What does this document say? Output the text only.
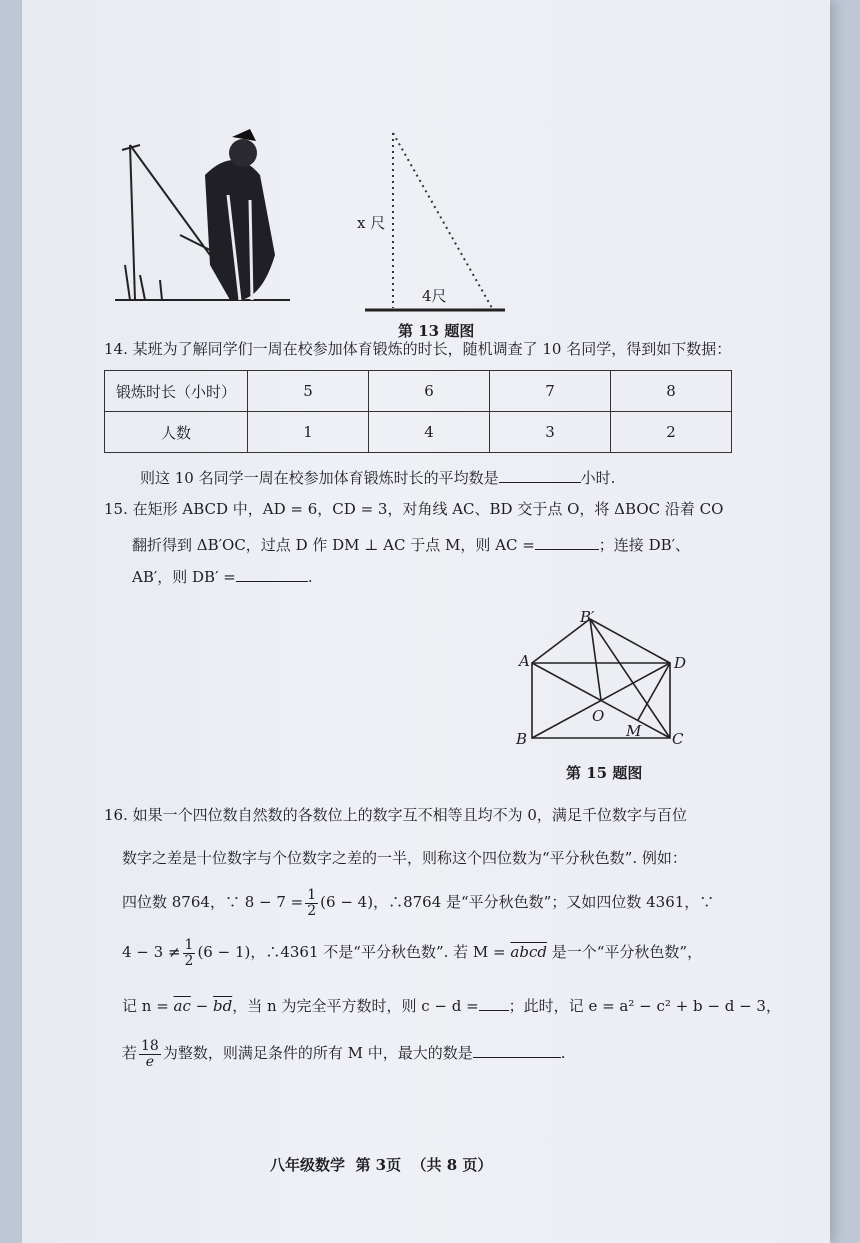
x 尺
4尺
第 13 题图
14. 某班为了解同学们一周在校参加体育锻炼的时长，随机调查了 10 名同学，得到如下数据：
锻炼时长（小时）	5	6	7	8
人数	1	4	3	2
则这 10 名同学一周在校参加体育锻炼时长的平均数是	小时.
15. 在矩形 ABCD 中，AD = 6，CD = 3，对角线 AC、BD 交于点 O，将 ΔBOC 沿着 CO
翻折得到 ΔB′OC，过点 D 作 DM ⊥ AC 于点 M，则 AC =	；连接 DB′、
AB′，则 DB′ =	.
B′
A	D
O
M
B	C
第 15 题图
16. 如果一个四位数自然数的各数位上的数字互不相等且均不为 0，满足千位数字与百位
数字之差是十位数字与个位数字之差的一半，则称这个四位数为“平分秋色数”. 例如：
四位数 8764，∵ $8 - 7 = \frac{1}{2} (6 - 4)$，∴8764 是“平分秋色数”；又如四位数 4361，∵
$4 - 3 \ne \frac{1}{2} (6 - 1)$，∴4361 不是“平分秋色数”. 若 M = abcd 是一个“平分秋色数”，
记 $n = \overline{ac} - \overline{bd}$，当 n 为完全平方数时，则 c − d = ；此时，记 e = a² − c² + b − d − 3，
若 $\frac{18}{e}$ 为整数，则满足条件的所有 M 中，最大的数是	.
八年级数学  第 3页  （共 8 页）
